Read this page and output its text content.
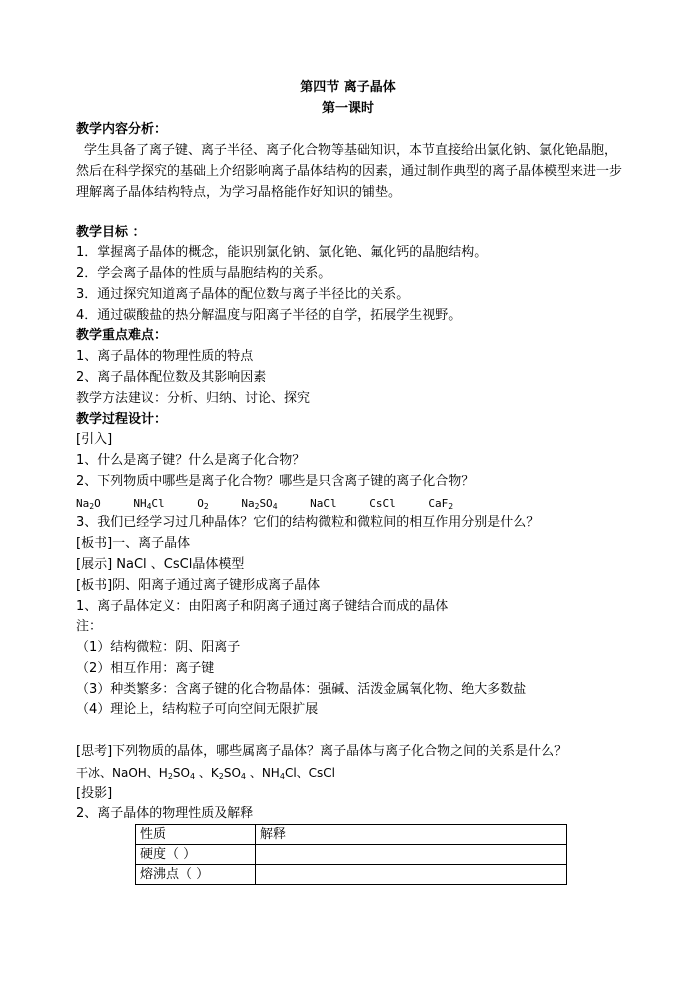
第四节 离子晶体
第一课时
教学内容分析：
学生具备了离子键、离子半径、离子化合物等基础知识，本节直接给出氯化钠、氯化铯晶胞，然后在科学探究的基础上介绍影响离子晶体结构的因素，通过制作典型的离子晶体模型来进一步理解离子晶体结构特点，为学习晶格能作好知识的铺垫。
教学目标 ：
1．掌握离子晶体的概念，能识别氯化钠、氯化铯、氟化钙的晶胞结构。
2．学会离子晶体的性质与晶胞结构的关系。
3．通过探究知道离子晶体的配位数与离子半径比的关系。
4．通过碳酸盐的热分解温度与阳离子半径的自学，拓展学生视野。
教学重点难点：
1、离子晶体的物理性质的特点
2、离子晶体配位数及其影响因素
教学方法建议：分析、归纳、讨论、探究
教学过程设计：
[引入]
1、什么是离子键？什么是离子化合物？
2、下列物质中哪些是离子化合物？哪些是只含离子键的离子化合物？
$Na_2O$	$NH_4Cl$	$O_2$	$Na_2SO_4$	NaCl	CsCl	CaF$_2$
3、我们已经学习过几种晶体？它们的结构微粒和微粒间的相互作用分别是什么？
[板书]一、离子晶体
[展示] NaCl 、CsCl晶体模型
[板书]阴、阳离子通过离子键形成离子晶体
1、离子晶体定义：由阳离子和阴离子通过离子键结合而成的晶体
注：
（1）结构微粒：阴、阳离子
（2）相互作用：离子键
（3）种类繁多：含离子键的化合物晶体：强碱、活泼金属氧化物、绝大多数盐
（4）理论上，结构粒子可向空间无限扩展
[思考]下列物质的晶体，哪些属离子晶体？离子晶体与离子化合物之间的关系是什么？
干冰、NaOH、$H_2SO_4$ 、$K_2SO_4$ 、$NH_4Cl$、CsCl
[投影]
2、离子晶体的物理性质及解释
性质	解释
硬度（ ）	
熔沸点（ ）	
